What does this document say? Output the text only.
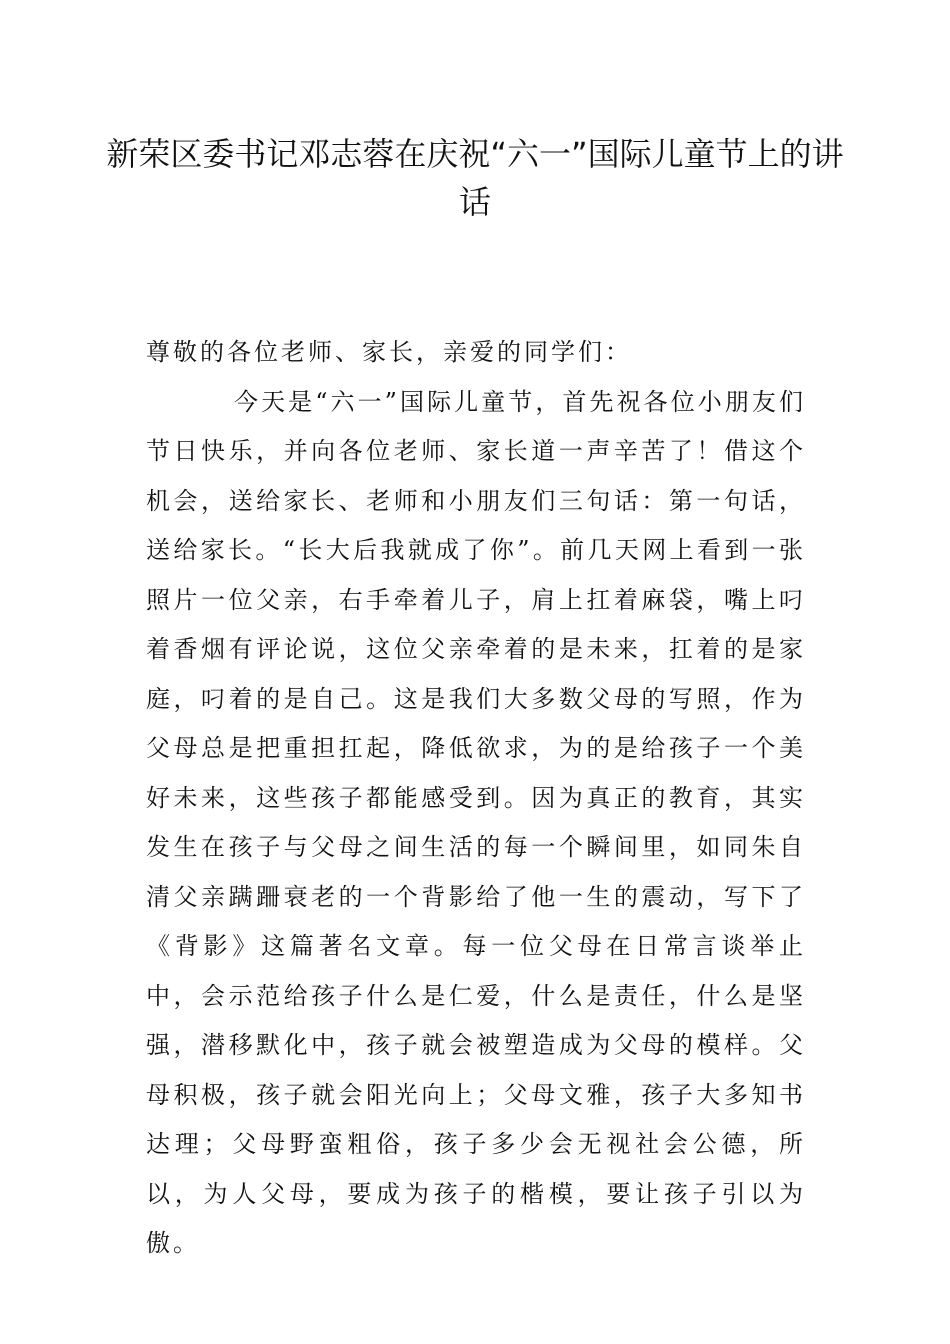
新荣区委书记邓志蓉在庆祝“六一”国际儿童节上的讲话

尊敬的各位老师、家长，亲爱的同学们：

今天是“六一”国际儿童节，首先祝各位小朋友们节日快乐，并向各位老师、家长道一声辛苦了！借这个机会，送给家长、老师和小朋友们三句话：第一句话，送给家长。“长大后我就成了你”。前几天网上看到一张照片一位父亲，右手牵着儿子，肩上扛着麻袋，嘴上叼着香烟有评论说，这位父亲牵着的是未来，扛着的是家庭，叼着的是自己。这是我们大多数父母的写照，作为父母总是把重担扛起，降低欲求，为的是给孩子一个美好未来，这些孩子都能感受到。因为真正的教育，其实发生在孩子与父母之间生活的每一个瞬间里，如同朱自清父亲蹒跚衰老的一个背影给了他一生的震动，写下了《背影》这篇著名文章。每一位父母在日常言谈举止中，会示范给孩子什么是仁爱，什么是责任，什么是坚强，潜移默化中，孩子就会被塑造成为父母的模样。父母积极，孩子就会阳光向上；父母文雅，孩子大多知书达理；父母野蛮粗俗，孩子多少会无视社会公德，所以，为人父母，要成为孩子的楷模，要让孩子引以为傲。
